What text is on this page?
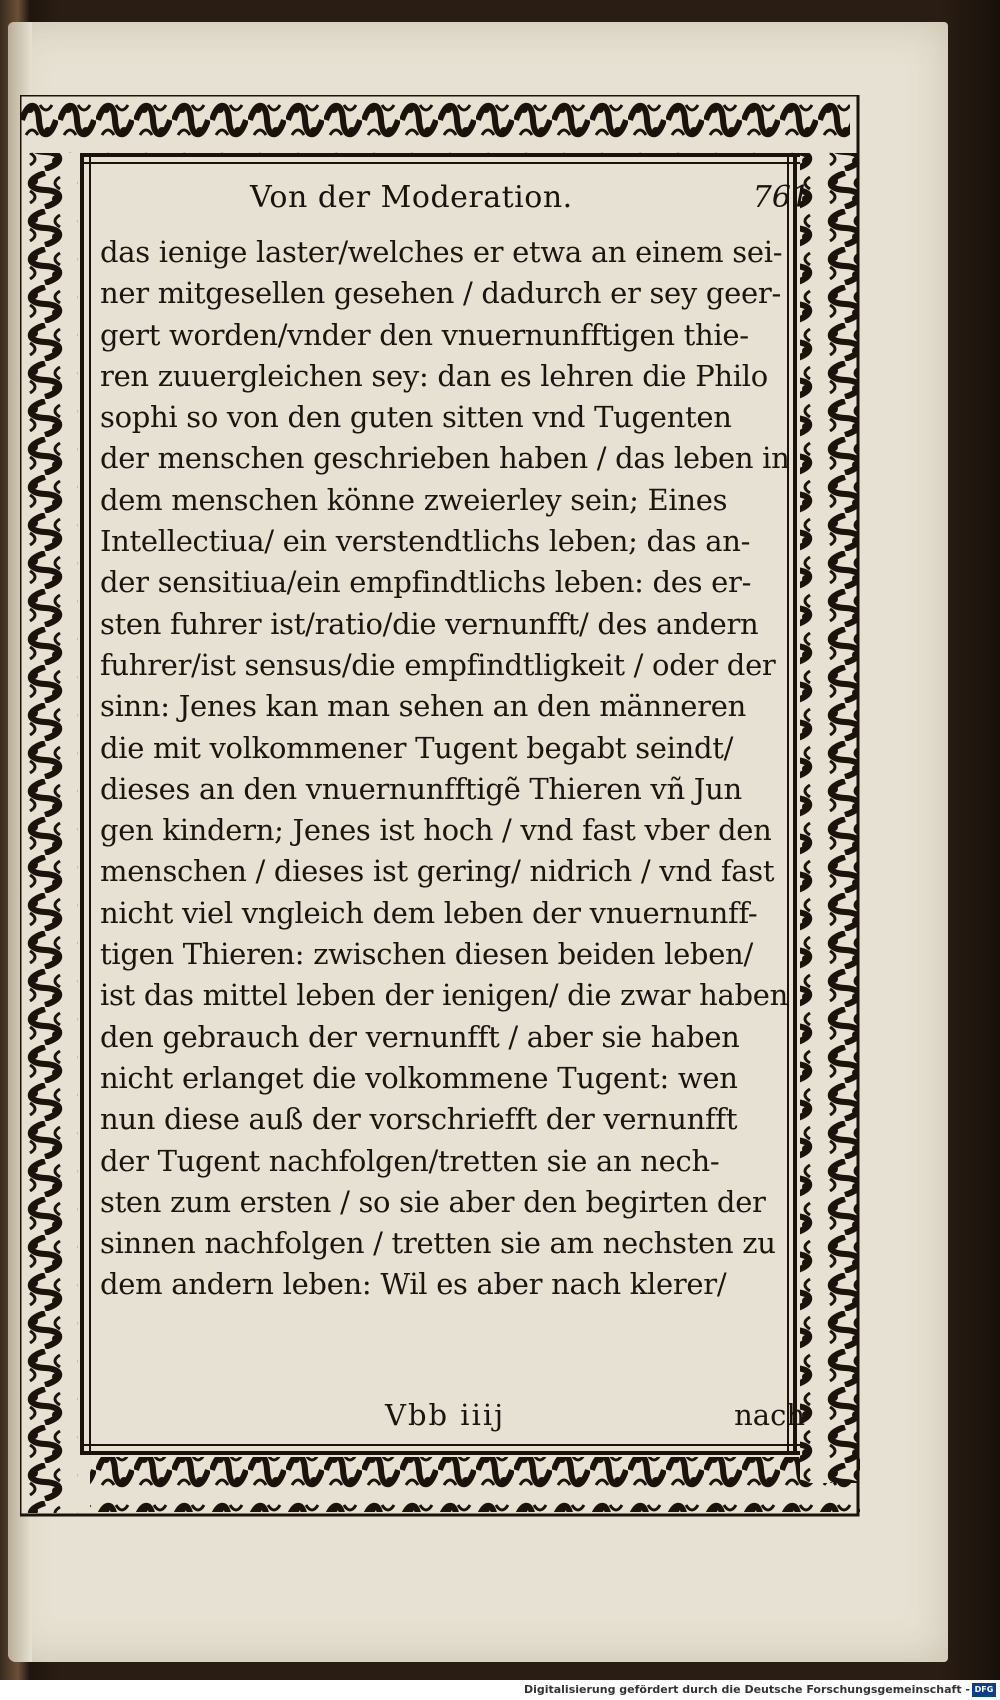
Von der Moderation.	761
das ienige laster/welches er etwa an einem sei-
ner mitgesellen gesehen / dadurch er sey geer-
gert worden/vnder den vnuernunfftigen thie-
ren zuuergleichen sey: dan es lehren die Philo
sophi so von den guten sitten vnd Tugenten
der menschen geschrieben haben / das leben in
dem menschen könne zweierley sein; Eines
Intellectiua/ ein verstendtlichs leben; das an-
der sensitiua/ein empfindtlichs leben: des er-
sten fuhrer ist/ratio/die vernunfft/ des andern
fuhrer/ist sensus/die empfindtligkeit / oder der
sinn: Jenes kan man sehen an den männeren
die mit volkommener Tugent begabt seindt/
dieses an den vnuernunfftigẽ Thieren vñ Jun
gen kindern; Jenes ist hoch / vnd fast vber den
menschen / dieses ist gering/ nidrich / vnd fast
nicht viel vngleich dem leben der vnuernunff-
tigen Thieren: zwischen diesen beiden leben/
ist das mittel leben der ienigen/ die zwar haben
den gebrauch der vernunfft / aber sie haben
nicht erlanget die volkommene Tugent: wen
nun diese auß der vorschriefft der vernunfft
der Tugent nachfolgen/tretten sie an nech-
sten zum ersten / so sie aber den begirten der
sinnen nachfolgen / tretten sie am nechsten zu
dem andern leben: Wil es aber nach klerer/
Vbb iiij	nach
Digitalisierung gefördert durch die Deutsche Forschungsgemeinschaft - DFG
